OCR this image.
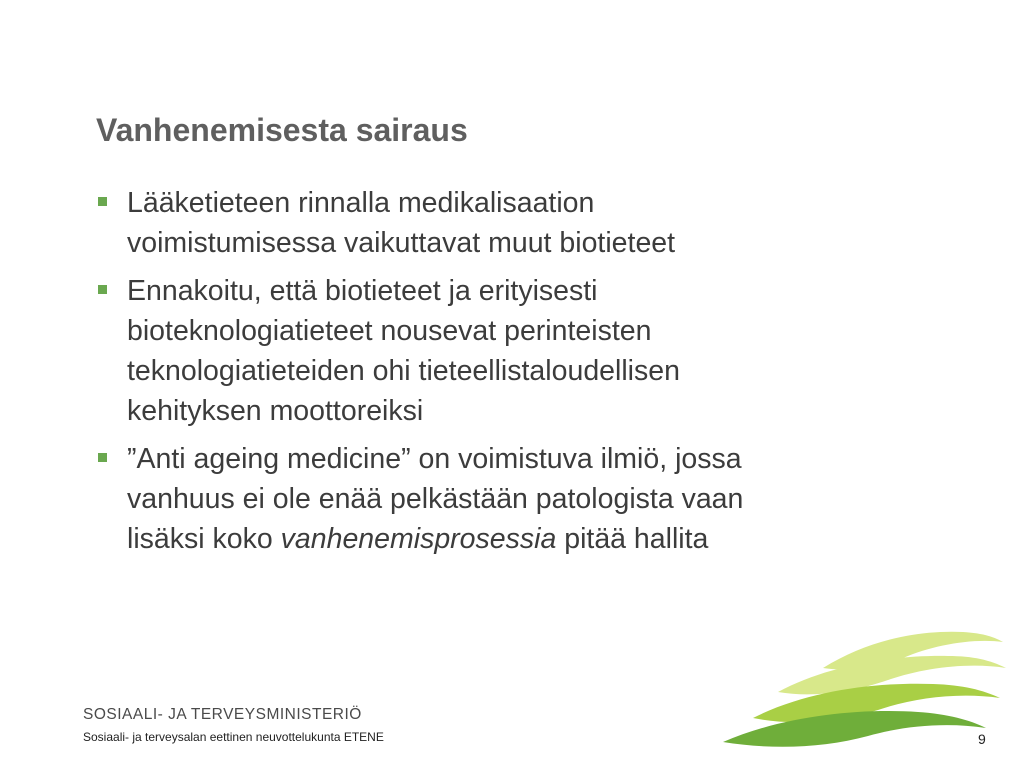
Vanhenemisesta sairaus
Lääketieteen rinnalla medikalisaation
voimistumisessa vaikuttavat muut biotieteet
Ennakoitu, että biotieteet ja erityisesti
bioteknologiatieteet nousevat perinteisten
teknologiatieteiden ohi tieteellistaloudellisen
kehityksen moottoreiksi
”Anti ageing medicine” on voimistuva ilmiö, jossa
vanhuus ei ole enää pelkästään patologista vaan
lisäksi koko vanhenemisprosessia pitää hallita
SOSIAALI- JA TERVEYSMINISTERIÖ
Sosiaali- ja terveysalan eettinen neuvottelukunta ETENE	9
